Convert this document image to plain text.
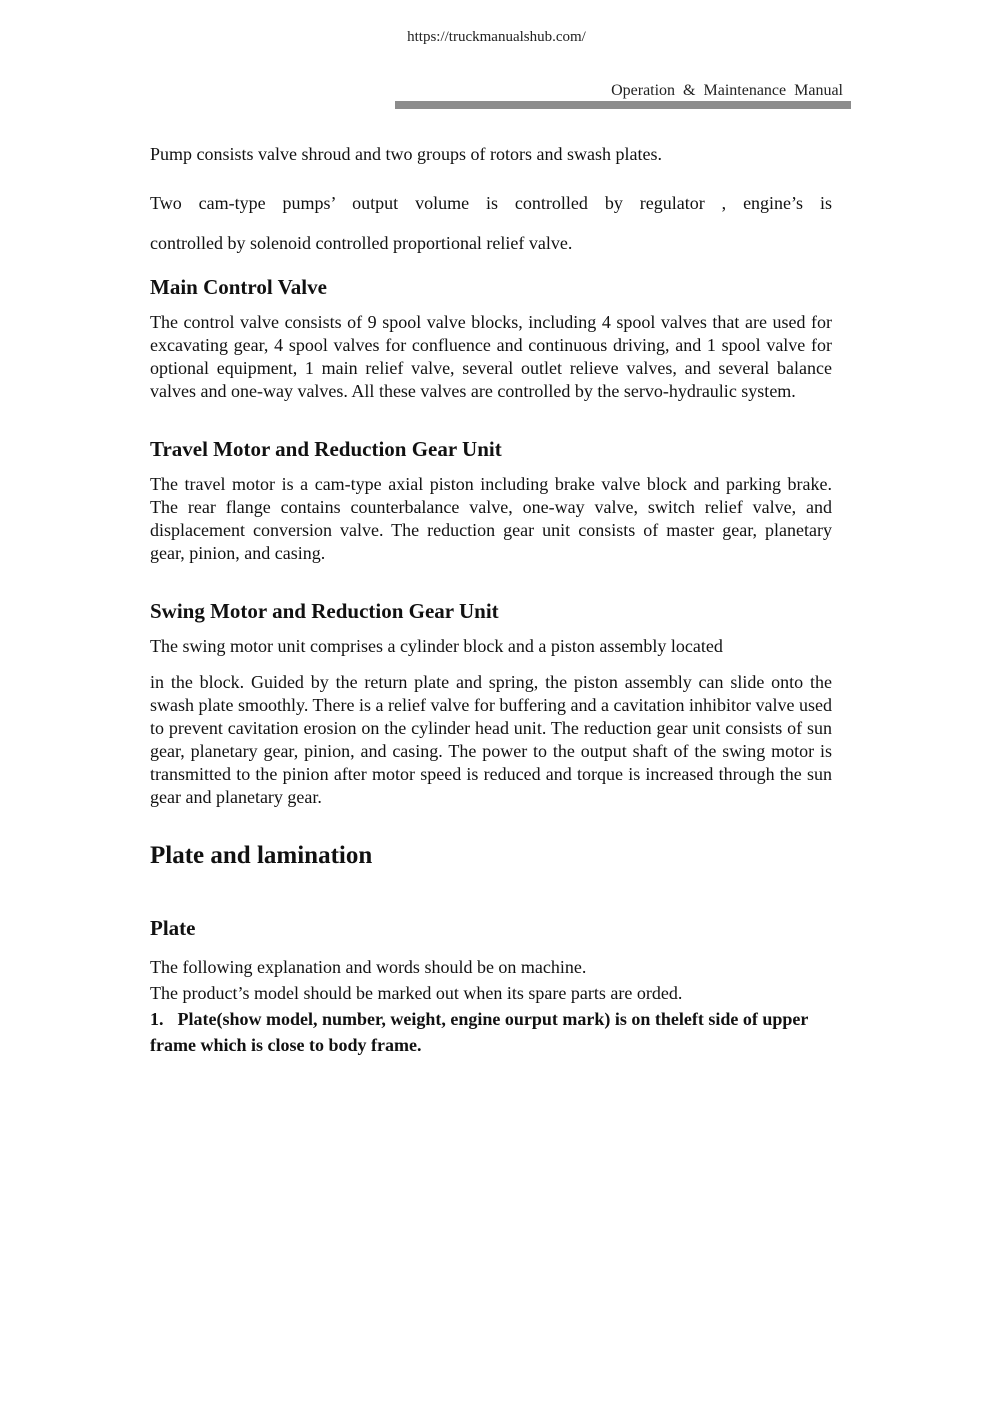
https://truckmanualshub.com/
Operation & Maintenance Manual

Pump consists valve shroud and two groups of rotors and swash plates.

Two cam-type pumps’ output volume is controlled by regulator , engine’s is

controlled by solenoid controlled proportional relief valve.

Main Control Valve

The control valve consists of 9 spool valve blocks, including 4 spool valves that are used for excavating gear, 4 spool valves for confluence and continuous driving, and 1 spool valve for optional equipment, 1 main relief valve, several outlet relieve valves, and several balance valves and one-way valves. All these valves are controlled by the servo-hydraulic system.

Travel Motor and Reduction Gear Unit

The travel motor is a cam-type axial piston including brake valve block and parking brake. The rear flange contains counterbalance valve, one-way valve, switch relief valve, and displacement conversion valve. The reduction gear unit consists of master gear, planetary gear, pinion, and casing.

Swing Motor and Reduction Gear Unit

The swing motor unit comprises a cylinder block and a piston assembly located

in the block. Guided by the return plate and spring, the piston assembly can slide onto the swash plate smoothly. There is a relief valve for buffering and a cavitation inhibitor valve used to prevent cavitation erosion on the cylinder head unit. The reduction gear unit consists of sun gear, planetary gear, pinion, and casing. The power to the output shaft of the swing motor is transmitted to the pinion after motor speed is reduced and torque is increased through the sun gear and planetary gear.

Plate and lamination
Plate

The following explanation and words should be on machine.

The product’s model should be marked out when its spare parts are orded.

1. Plate(show model, number, weight, engine ourput mark) is on theleft side of upper frame which is close to body frame.
